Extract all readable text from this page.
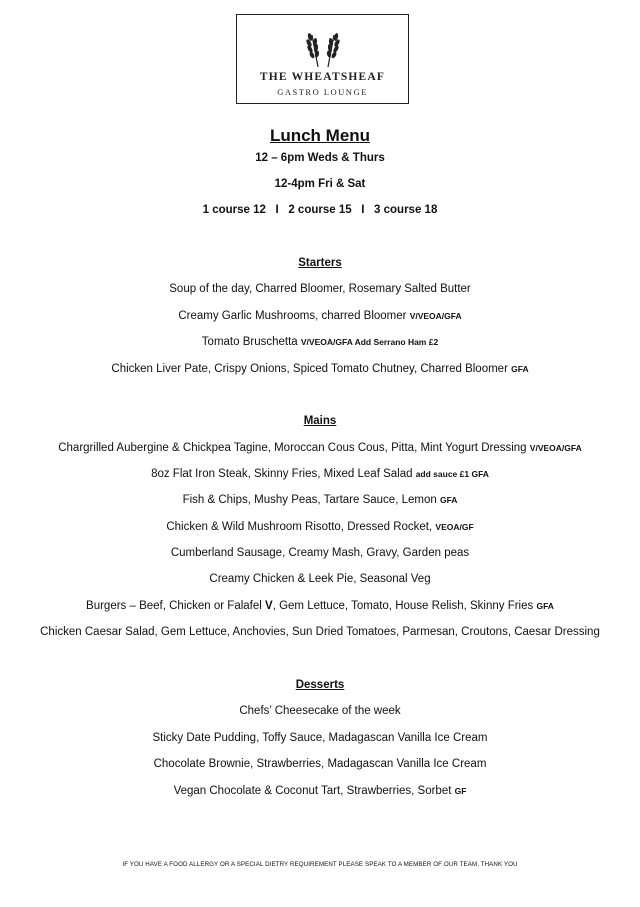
THE WHEATSHEAF
GASTRO LOUNGE
Lunch Menu
12 – 6pm Weds & Thurs
12-4pm Fri & Sat
1 course 12 I 2 course 15 I 3 course 18
Starters
Soup of the day, Charred Bloomer, Rosemary Salted Butter
Creamy Garlic Mushrooms, charred Bloomer V/VEOA/GFA
Tomato Bruschetta V/VEOA/GFA Add Serrano Ham £2
Chicken Liver Pate, Crispy Onions, Spiced Tomato Chutney, Charred Bloomer GFA
Mains
Chargrilled Aubergine & Chickpea Tagine, Moroccan Cous Cous, Pitta, Mint Yogurt Dressing V/VEOA/GFA
8oz Flat Iron Steak, Skinny Fries, Mixed Leaf Salad add sauce £1 GFA
Fish & Chips, Mushy Peas, Tartare Sauce, Lemon GFA
Chicken & Wild Mushroom Risotto, Dressed Rocket, VEOA/GF
Cumberland Sausage, Creamy Mash, Gravy, Garden peas
Creamy Chicken & Leek Pie, Seasonal Veg
Burgers – Beef, Chicken or Falafel V, Gem Lettuce, Tomato, House Relish, Skinny Fries GFA
Chicken Caesar Salad, Gem Lettuce, Anchovies, Sun Dried Tomatoes, Parmesan, Croutons, Caesar Dressing
Desserts
Chefs’ Cheesecake of the week
Sticky Date Pudding, Toffy Sauce, Madagascan Vanilla Ice Cream
Chocolate Brownie, Strawberries, Madagascan Vanilla Ice Cream
Vegan Chocolate & Coconut Tart, Strawberries, Sorbet GF
IF YOU HAVE A FOOD ALLERGY OR A SPECIAL DIETRY REQUIREMENT PLEASE SPEAK TO A MEMBER OF OUR TEAM, THANK YOU
